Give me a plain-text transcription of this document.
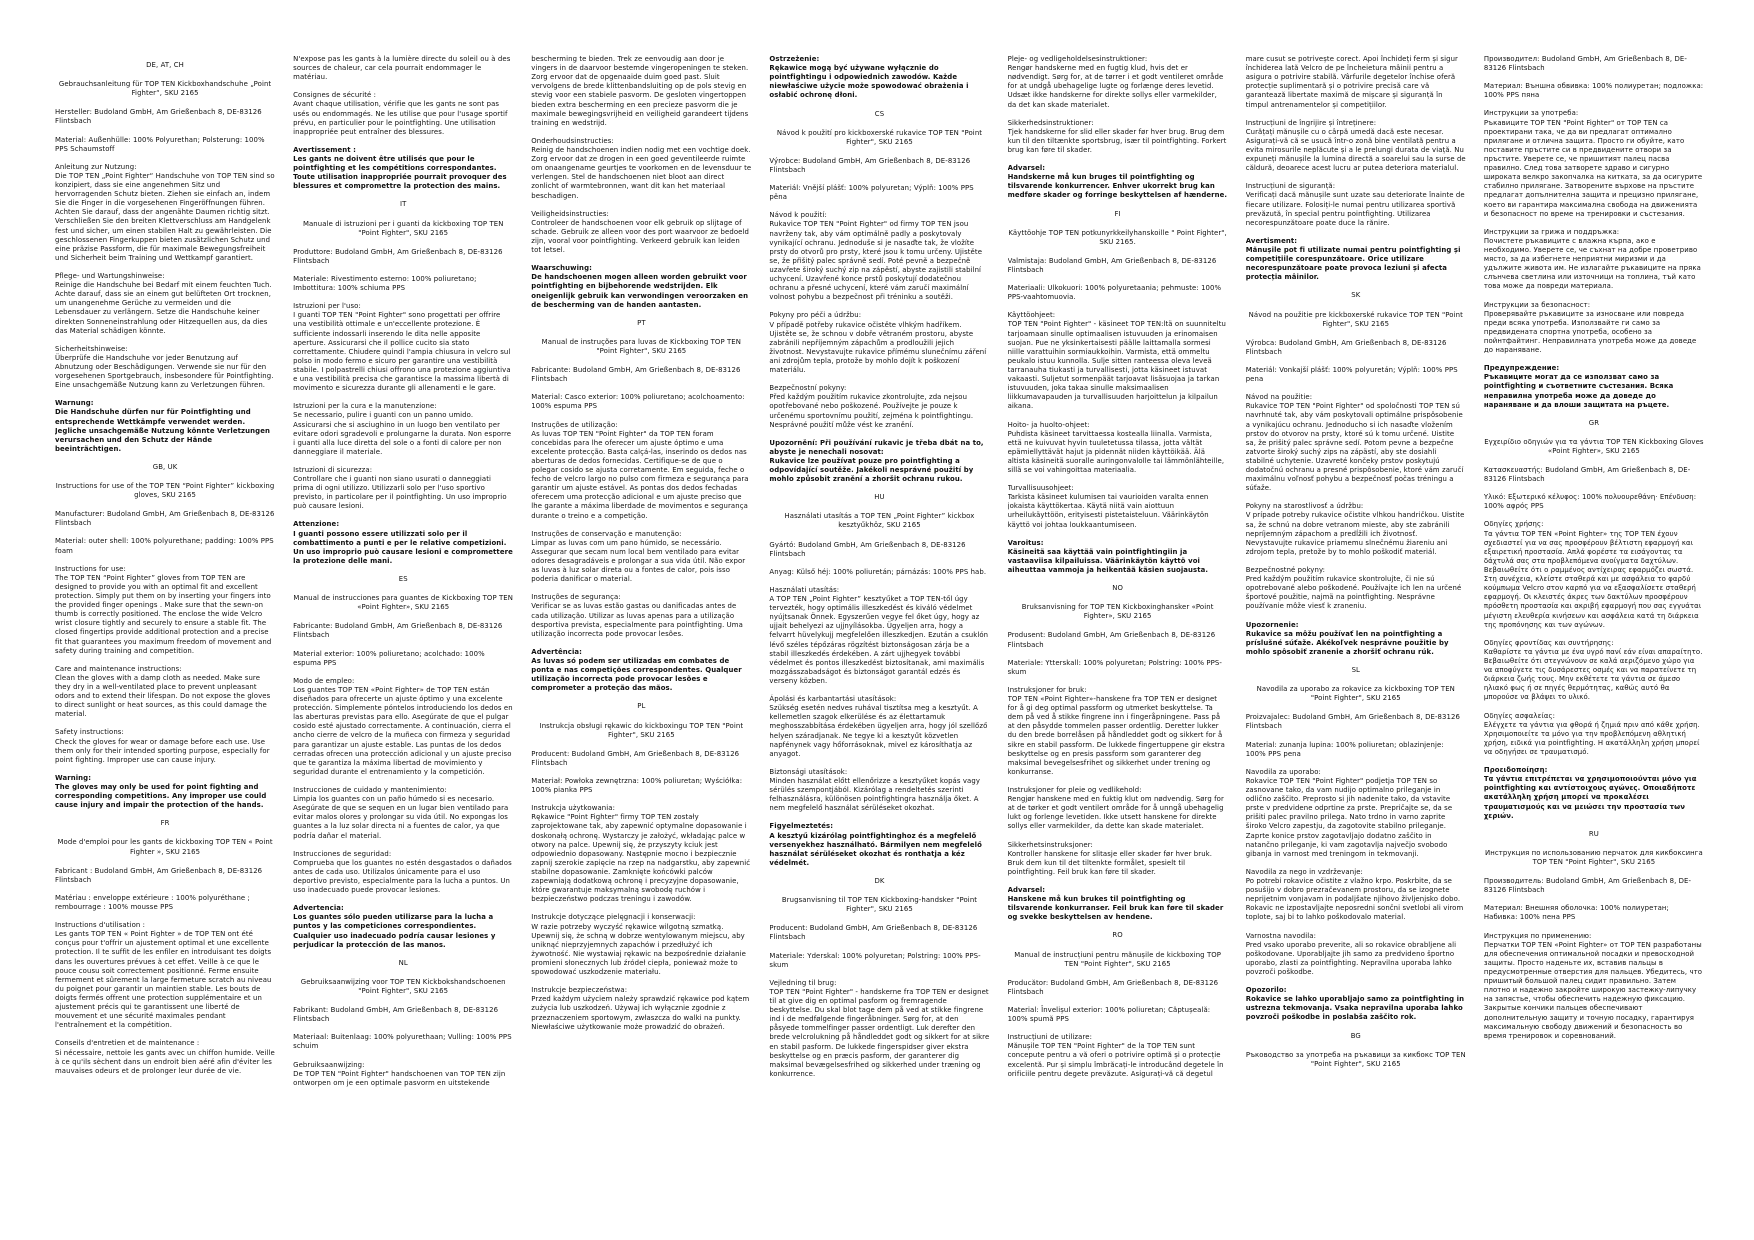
DE, AT, CH
Gebrauchsanleitung für TOP TEN Kickboxhandschuhe „Point Fighter“, SKU 2165
Hersteller: Budoland GmbH, Am Grießenbach 8, DE-83126 Flintsbach
Material: Außenhülle: 100% Polyurethan; Polsterung: 100% PPS Schaumstoff
Anleitung zur Nutzung:
Die TOP TEN „Point Fighter“ Handschuhe von TOP TEN sind so konzipiert, dass sie eine angenehmen Sitz und hervorragenden Schutz bieten. Ziehen sie einfach an, indem Sie die Finger in die vorgesehenen Fingeröffnungen führen. Achten Sie darauf, dass der angenähte Daumen richtig sitzt. Verschließen Sie den breiten Klettverschluss am Handgelenk fest und sicher, um einen stabilen Halt zu gewährleisten. Die geschlossenen Fingerkuppen bieten zusätzlichen Schutz und eine präzise Passform, die für maximale Bewegungsfreiheit und Sicherheit beim Training und Wettkampf garantiert.
Pflege- und Wartungshinweise:
Reinige die Handschuhe bei Bedarf mit einem feuchten Tuch. Achte darauf, dass sie an einem gut belüfteten Ort trocknen, um unangenehme Gerüche zu vermeiden und die Lebensdauer zu verlängern. Setze die Handschuhe keiner direkten Sonneneinstrahlung oder Hitzequellen aus, da dies das Material schädigen könnte.
Sicherheitshinweise:
Überprüfe die Handschuhe vor jeder Benutzung auf Abnutzung oder Beschädigungen. Verwende sie nur für den vorgesehenen Sportgebrauch, insbesondere für Pointfighting. Eine unsachgemäße Nutzung kann zu Verletzungen führen.
Warnung:
Die Handschuhe dürfen nur für Pointfighting und entsprechende Wettkämpfe verwendet werden. Jegliche unsachgemäße Nutzung könnte Verletzungen verursachen und den Schutz der Hände beeinträchtigen.
GB, UK
Instructions for use of the TOP TEN “Point Fighter” kickboxing gloves, SKU 2165
Manufacturer: Budoland GmbH, Am Grießenbach 8, DE-83126 Flintsbach
Material: outer shell: 100% polyurethane; padding: 100% PPS foam
Instructions for use:
The TOP TEN “Point Fighter” gloves from TOP TEN are designed to provide you with an optimal fit and excellent protection. Simply put them on by inserting your fingers into the provided finger openings . Make sure that the sewn-on thumb is correctly positioned. The enclose the wide Velcro wrist closure tightly and securely to ensure a stable fit. The closed fingertips provide additional protection and a precise fit that guarantees you maximum freedom of movement and safety during training and competition.
Care and maintenance instructions:
Clean the gloves with a damp cloth as needed. Make sure they dry in a well-ventilated place to prevent unpleasant odors and to extend their lifespan. Do not expose the gloves to direct sunlight or heat sources, as this could damage the material.
Safety instructions:
Check the gloves for wear or damage before each use. Use them only for their intended sporting purpose, especially for point fighting. Improper use can cause injury.
Warning:
The gloves may only be used for point fighting and corresponding competitions. Any improper use could cause injury and impair the protection of the hands.
FR
Mode d'emploi pour les gants de kickboxing TOP TEN « Point Fighter », SKU 2165
Fabricant : Budoland GmbH, Am Grießenbach 8, DE-83126 Flintsbach
Matériau : enveloppe extérieure : 100% polyuréthane ; rembourrage : 100% mousse PPS
Instructions d'utilisation :
Les gants TOP TEN « Point Fighter » de TOP TEN ont été conçus pour t'offrir un ajustement optimal et une excellente protection. Il te suffit de les enfiler en introduisant tes doigts dans les ouvertures prévues à cet effet. Veille à ce que le pouce cousu soit correctement positionné. Ferme ensuite fermement et sûrement la large fermeture scratch au niveau du poignet pour garantir un maintien stable. Les bouts de doigts fermés offrent une protection supplémentaire et un ajustement précis qui te garantissent une liberté de mouvement et une sécurité maximales pendant l'entraînement et la compétition.
Conseils d'entretien et de maintenance :
Si nécessaire, nettoie les gants avec un chiffon humide. Veille à ce qu'ils sèchent dans un endroit bien aéré afin d'éviter les mauvaises odeurs et de prolonger leur durée de vie.
N'expose pas les gants à la lumière directe du soleil ou à des sources de chaleur, car cela pourrait endommager le matériau.
Consignes de sécurité :
Avant chaque utilisation, vérifie que les gants ne sont pas usés ou endommagés. Ne les utilise que pour l'usage sportif prévu, en particulier pour le pointfighting. Une utilisation inappropriée peut entraîner des blessures.
Avertissement :
Les gants ne doivent être utilisés que pour le pointfighting et les compétitions correspondantes. Toute utilisation inappropriée pourrait provoquer des blessures et compromettre la protection des mains.
IT
Manuale di istruzioni per i guanti da kickboxing TOP TEN "Point Fighter", SKU 2165
Produttore: Budoland GmbH, Am Grießenbach 8, DE-83126 Flintsbach
Materiale: Rivestimento esterno: 100% poliuretano; Imbottitura: 100% schiuma PPS
Istruzioni per l'uso:
I guanti TOP TEN "Point Fighter" sono progettati per offrire una vestibilità ottimale e un'eccellente protezione. È sufficiente indossarli inserendo le dita nelle apposite aperture. Assicurarsi che il pollice cucito sia stato correttamente. Chiudere quindi l'ampia chiusura in velcro sul polso in modo fermo e sicuro per garantire una vestibilità stabile. I polpastrelli chiusi offrono una protezione aggiuntiva e una vestibilità precisa che garantisce la massima libertà di movimento e sicurezza durante gli allenamenti e le gare.
Istruzioni per la cura e la manutenzione:
Se necessario, pulire i guanti con un panno umido. Assicurarsi che si asciughino in un luogo ben ventilato per evitare odori sgradevoli e prolungarne la durata. Non esporre i guanti alla luce diretta del sole o a fonti di calore per non danneggiare il materiale.
Istruzioni di sicurezza:
Controllare che i guanti non siano usurati o danneggiati prima di ogni utilizzo. Utilizzarli solo per l'uso sportivo previsto, in particolare per il pointfighting. Un uso improprio può causare lesioni.
Attenzione:
I guanti possono essere utilizzati solo per il combattimento a punti e per le relative competizioni. Un uso improprio può causare lesioni e compromettere la protezione delle mani.
ES
Manual de instrucciones para guantes de Kickboxing TOP TEN «Point Fighter», SKU 2165
Fabricante: Budoland GmbH, Am Grießenbach 8, DE-83126 Flintsbach
Material exterior: 100% poliuretano; acolchado: 100% espuma PPS
Modo de empleo:
Los guantes TOP TEN «Point Fighter» de TOP TEN están diseñados para ofrecerte un ajuste óptimo y una excelente protección. Simplemente póntelos introduciendo los dedos en las aberturas previstas para ello. Asegúrate de que el pulgar cosido esté ajustado correctamente. A continuación, cierra el ancho cierre de velcro de la muñeca con firmeza y seguridad para garantizar un ajuste estable. Las puntas de los dedos cerradas ofrecen una protección adicional y un ajuste preciso que te garantiza la máxima libertad de movimiento y seguridad durante el entrenamiento y la competición.
Instrucciones de cuidado y mantenimiento:
Limpia los guantes con un paño húmedo si es necesario. Asegúrate de que se sequen en un lugar bien ventilado para evitar malos olores y prolongar su vida útil. No expongas los guantes a la luz solar directa ni a fuentes de calor, ya que podría dañar el material.
Instrucciones de seguridad:
Comprueba que los guantes no estén desgastados o dañados antes de cada uso. Utilízalos únicamente para el uso deportivo previsto, especialmente para la lucha a puntos. Un uso inadecuado puede provocar lesiones.
Advertencia:
Los guantes sólo pueden utilizarse para la lucha a puntos y las competiciones correspondientes. Cualquier uso inadecuado podría causar lesiones y perjudicar la protección de las manos.
NL
Gebruiksaanwijzing voor TOP TEN Kickbokshandschoenen "Point Fighter", SKU 2165
Fabrikant: Budoland GmbH, Am Grießenbach 8, DE-83126 Flintsbach
Materiaal: Buitenlaag: 100% polyurethaan; Vulling: 100% PPS schuim
Gebruiksaanwijzing:
De TOP TEN "Point Fighter" handschoenen van TOP TEN zijn ontworpen om je een optimale pasvorm en uitstekende
bescherming te bieden. Trek ze eenvoudig aan door je vingers in de daarvoor bestemde vingeropeningen te steken. Zorg ervoor dat de opgenaaide duim goed past. Sluit vervolgens de brede klittenbandsluiting op de pols stevig en stevig voor een stabiele pasvorm. De gesloten vingertoppen bieden extra bescherming en een precieze pasvorm die je maximale bewegingsvrijheid en veiligheid garandeert tijdens training en wedstrijd.
Onderhoudsinstructies:
Reinig de handschoenen indien nodig met een vochtige doek. Zorg ervoor dat ze drogen in een goed geventileerde ruimte om onaangename geurtjes te voorkomen en de levensduur te verlengen. Stel de handschoenen niet bloot aan direct zonlicht of warmtebronnen, want dit kan het materiaal beschadigen.
Veiligheidsinstructies:
Controleer de handschoenen voor elk gebruik op slijtage of schade. Gebruik ze alleen voor des port waarvoor ze bedoeld zijn, vooral voor pointfighting. Verkeerd gebruik kan leiden tot letsel.
Waarschuwing:
De handschoenen mogen alleen worden gebruikt voor pointfighting en bijbehorende wedstrijden. Elk oneigenlijk gebruik kan verwondingen veroorzaken en de bescherming van de handen aantasten.
PT
Manual de instruções para luvas de Kickboxing TOP TEN "Point Fighter", SKU 2165
Fabricante: Budoland GmbH, Am Grießenbach 8, DE-83126 Flintsbach
Material: Casco exterior: 100% poliuretano; acolchoamento: 100% espuma PPS
Instruções de utilização:
As luvas TOP TEN "Point Fighter" da TOP TEN foram concebidas para lhe oferecer um ajuste óptimo e uma excelente protecção. Basta calçá-las, inserindo os dedos nas aberturas de dedos fornecidas. Certifique-se de que o polegar cosido se ajusta corretamente. Em seguida, feche o fecho de velcro largo no pulso com firmeza e segurança para garantir um ajuste estável. As pontas dos dedos fechadas oferecem uma protecção adicional e um ajuste preciso que lhe garante a máxima liberdade de movimentos e segurança durante o treino e a competição.
Instruções de conservação e manutenção:
Limpar as luvas com um pano húmido, se necessário. Assegurar que secam num local bem ventilado para evitar odores desagradáveis e prolongar a sua vida útil. Não expor as luvas à luz solar direta ou a fontes de calor, pois isso poderia danificar o material.
Instruções de segurança:
Verificar se as luvas estão gastas ou danificadas antes de cada utilização. Utilizar as luvas apenas para a utilização desportiva prevista, especialmente para pointfighting. Uma utilização incorrecta pode provocar lesões.
Advertência:
As luvas só podem ser utilizadas em combates de ponta e nas competições correspondentes. Qualquer utilização incorrecta pode provocar lesões e comprometer a proteção das mãos.
PL
Instrukcja obsługi rękawic do kickboxingu TOP TEN "Point Fighter", SKU 2165
Producent: Budoland GmbH, Am Grießenbach 8, DE-83126 Flintsbach
Materiał: Powłoka zewnętrzna: 100% poliuretan; Wyściółka: 100% pianka PPS
Instrukcja użytkowania:
Rękawice "Point Fighter" firmy TOP TEN zostały zaprojektowane tak, aby zapewnić optymalne dopasowanie i doskonałą ochronę. Wystarczy je założyć, wkładając palce w otwory na palce. Upewnij się, że przyszyty kciuk jest odpowiednio dopasowany. Następnie mocno i bezpiecznie zapnij szerokie zapięcie na rzep na nadgarstku, aby zapewnić stabilne dopasowanie. Zamknięte końcówki palców zapewniają dodatkową ochronę i precyzyjne dopasowanie, które gwarantuje maksymalną swobodę ruchów i bezpieczeństwo podczas treningu i zawodów.
Instrukcje dotyczące pielęgnacji i konserwacji:
W razie potrzeby wyczyść rękawice wilgotną szmatką. Upewnij się, że schną w dobrze wentylowanym miejscu, aby uniknąć nieprzyjemnych zapachów i przedłużyć ich żywotność. Nie wystawiaj rękawic na bezpośrednie działanie promieni słonecznych lub źródeł ciepła, ponieważ może to spowodować uszkodzenie materiału.
Instrukcje bezpieczeństwa:
Przed każdym użyciem należy sprawdzić rękawice pod kątem zużycia lub uszkodzeń. Używaj ich wyłącznie zgodnie z przeznaczeniem sportowym, zwłaszcza do walki na punkty. Niewłaściwe użytkowanie może prowadzić do obrażeń.
Ostrzeżenie:
Rękawice mogą być używane wyłącznie do pointfightingu i odpowiednich zawodów. Każde niewłaściwe użycie może spowodować obrażenia i osłabić ochronę dłoni.
CS
Návod k použití pro kickboxerské rukavice TOP TEN "Point Fighter", SKU 2165
Výrobce: Budoland GmbH, Am Grießenbach 8, DE-83126 Flintsbach
Materiál: Vnější plášť: 100% polyuretan; Výplň: 100% PPS pěna
Návod k použití:
Rukavice TOP TEN "Point Fighter" od firmy TOP TEN jsou navrženy tak, aby vám optimálně padly a poskytovaly vynikající ochranu. Jednoduše si je nasaďte tak, že vložíte prsty do otvorů pro prsty, které jsou k tomu určeny. Ujistěte se, že přišitý palec správně sedí. Poté pevně a bezpečně uzavřete široký suchý zip na zápěstí, abyste zajistili stabilní uchycení. Uzavřené konce prstů poskytují dodatečnou ochranu a přesné uchycení, které vám zaručí maximální volnost pohybu a bezpečnost při tréninku a soutěži.
Pokyny pro péči a údržbu:
V případě potřeby rukavice očistěte vlhkým hadříkem. Ujistěte se, že schnou v dobře větraném prostoru, abyste zabránili nepříjemným zápachům a prodloužili jejich životnost. Nevystavujte rukavice přímému slunečnímu záření ani zdrojům tepla, protože by mohlo dojít k poškození materiálu.
Bezpečnostní pokyny:
Před každým použitím rukavice zkontrolujte, zda nejsou opotřebované nebo poškozené. Používejte je pouze k určenému sportovnímu použití, zejména k pointfightingu. Nesprávné použití může vést ke zranění.
Upozornění: Při používání rukavic je třeba dbát na to, abyste je nenechali nosovat:
Rukavice lze používat pouze pro pointfighting a odpovídající soutěže. Jakékoli nesprávné použití by mohlo způsobit zranění a zhoršit ochranu rukou.
HU
Használati utasítás a TOP TEN „Point Fighter” kickbox kesztyűkhöz, SKU 2165
Gyártó: Budoland GmbH, Am Grießenbach 8, DE-83126 Flintsbach
Anyag: Külső héj: 100% poliuretán; párnázás: 100% PPS hab.
Használati utasítás:
A TOP TEN „Point Fighter” kesztyűket a TOP TEN-től úgy tervezték, hogy optimális illeszkedést és kiváló védelmet nyújtsanak Önnek. Egyszerűen vegye fel őket úgy, hogy az ujjait behelyezi az ujjnyílásokba. Ügyeljen arra, hogy a felvarrt hüvelykujj megfelelően illeszkedjen. Ezután a csuklón lévő széles tépőzáras rögzítést biztonságosan zárja be a stabil illeszkedés érdekében. A zárt ujjhegyek további védelmet és pontos illeszkedést biztosítanak, ami maximális mozgásszabadságot és biztonságot garantál edzés és verseny közben.
Ápolási és karbantartási utasítások:
Szükség esetén nedves ruhával tisztítsa meg a kesztyűt. A kellemetlen szagok elkerülése és az élettartamuk meghosszabbítása érdekében ügyeljen arra, hogy jól szellőző helyen száradjanak. Ne tegye ki a kesztyűt közvetlen napfénynek vagy hőforrásoknak, mivel ez károsíthatja az anyagot.
Biztonsági utasítások:
Minden használat előtt ellenőrizze a kesztyűket kopás vagy sérülés szempontjából. Kizárólag a rendeltetés szerinti felhasználásra, különösen pointfightingra használja őket. A nem megfelelő használat sérüléseket okozhat.
Figyelmeztetés:
A kesztyű kizárólag pointfightinghoz és a megfelelő versenyekhez használható. Bármilyen nem megfelelő használat sérüléseket okozhat és ronthatja a kéz védelmét.
DK
Brugsanvisning til TOP TEN Kickboxing-handsker "Point Fighter", SKU 2165
Producent: Budoland GmbH, Am Grießenbach 8, DE-83126 Flintsbach
Materiale: Yderskal: 100% polyuretan; Polstring: 100% PPS-skum
Vejledning til brug:
TOP TEN "Point Fighter" - handskerne fra TOP TEN er designet til at give dig en optimal pasform og fremragende beskyttelse. Du skal blot tage dem på ved at stikke fingrene ind i de medfølgende fingeråbninger. Sørg for, at den påsyede tommelfinger passer ordentligt. Luk derefter den brede velcrolukning på håndleddet godt og sikkert for at sikre en stabil pasform. De lukkede fingerspidser giver ekstra beskyttelse og en præcis pasform, der garanterer dig maksimal bevægelsesfrihed og sikkerhed under træning og konkurrence.
Pleje- og vedligeholdelsesinstruktioner:
Rengør handskerne med en fugtig klud, hvis det er nødvendigt. Sørg for, at de tørrer i et godt ventileret område for at undgå ubehagelige lugte og forlænge deres levetid. Udsæt ikke handskerne for direkte sollys eller varmekilder, da det kan skade materialet.
Sikkerhedsinstruktioner:
Tjek handskerne for slid eller skader før hver brug. Brug dem kun til den tiltænkte sportsbrug, især til pointfighting. Forkert brug kan føre til skader.
Advarsel:
Handskerne må kun bruges til pointfighting og tilsvarende konkurrencer. Enhver ukorrekt brug kan medføre skader og forringe beskyttelsen af hænderne.
FI
Käyttöohje TOP TEN potkunyrkkeilyhanskoille " Point Fighter", SKU 2165.
Valmistaja: Budoland GmbH, Am Grießenbach 8, DE-83126 Flintsbach
Materiaali: Ulkokuori: 100% polyuretaania; pehmuste: 100% PPS-vaahtomuovia.
Käyttöohjeet:
TOP TEN "Point Fighter" - käsineet TOP TEN:ltä on suunniteltu tarjoamaan sinulle optimaalisen istuvuuden ja erinomaisen suojan. Pue ne yksinkertaisesti päälle laittamalla sormesi niille varattuihin sormiaukkoihin. Varmista, että ommeltu peukalo istuu kunnolla. Sulje sitten ranteessa oleva leveä tarranauha tiukasti ja turvallisesti, jotta käsineet istuvat vakaasti. Suljetut sormenpäät tarjoavat lisäsuojaa ja tarkan istuvuuden, joka takaa sinulle maksimaalisen liikkumavapauden ja turvallisuuden harjoittelun ja kilpailun aikana.
Hoito- ja huolto-ohjeet:
Puhdista käsineet tarvittaessa kostealla liinalla. Varmista, että ne kuivuvat hyvin tuuletetussa tilassa, jotta vältät epämiellyttävät hajut ja pidennät niiden käyttöikää. Älä altista käsineitä suoralle auringonvalolle tai lämmönlähteille, sillä se voi vahingoittaa materiaalia.
Turvallisuusohjeet:
Tarkista käsineet kulumisen tai vaurioiden varalta ennen jokaista käyttökertaa. Käytä niitä vain aiottuun urheilukäyttöön, erityisesti pistetaisteluun. Väärinkäytön käyttö voi johtaa loukkaantumiseen.
Varoitus:
Käsineitä saa käyttää vain pointfightingiin ja vastaaviisa kilpailuissa. Väärinkäytön käyttö voi aiheuttaa vammoja ja heikentää käsien suojausta.
NO
Bruksanvisning for TOP TEN Kickboxinghansker «Point Fighter», SKU 2165
Produsent: Budoland GmbH, Am Grießenbach 8, DE-83126 Flintsbach
Materiale: Ytterskall: 100% polyuretan; Polstring: 100% PPS-skum
Instruksjoner for bruk:
TOP TEN «Point Fighter»-hanskene fra TOP TEN er designet for å gi deg optimal passform og utmerket beskyttelse. Ta dem på ved å stikke fingrene inn i fingeråpningene. Pass på at den påsydde tommelen passer ordentlig. Deretter lukker du den brede borrelåsen på håndleddet godt og sikkert for å sikre en stabil passform. De lukkede fingertuppene gir ekstra beskyttelse og en presis passform som garanterer deg maksimal bevegelsesfrihet og sikkerhet under trening og konkurranse.
Instruksjoner for pleie og vedlikehold:
Rengjør hanskene med en fuktig klut om nødvendig. Sørg for at de tørker et godt ventilert område for å unngå ubehagelig lukt og forlenge levetiden. Ikke utsett hanskene for direkte sollys eller varmekilder, da dette kan skade materialet.
Sikkerhetsinstruksjoner:
Kontroller hanskene for slitasje eller skader før hver bruk. Bruk dem kun til det tiltenkte formålet, spesielt til pointfighting. Feil bruk kan føre til skader.
Advarsel:
Hanskene må kun brukes til pointfighting og tilsvarende konkurranser. Feil bruk kan føre til skader og svekke beskyttelsen av hendene.
RO
Manual de instrucțiuni pentru mănușile de kickboxing TOP TEN "Point Fighter", SKU 2165
Producător: Budoland GmbH, Am Grießenbach 8, DE-83126 Flintsbach
Material: Învelișul exterior: 100% poliuretan; Căptușeală: 100% spumă PPS
Instrucțiuni de utilizare:
Mănușile TOP TEN "Point Fighter" de la TOP TEN sunt concepute pentru a vă oferi o potrivire optimă și o protecție excelentă. Pur și simplu îmbrăcați-le introducând degetele în orificiile pentru degete prevăzute. Asigurați-vă că degetul
mare cusut se potrivește corect. Apoi închideți ferm și sigur închiderea lată Velcro de pe încheietura mâinii pentru a asigura o potrivire stabilă. Vârfurile degetelor închise oferă protecție suplimentară și o potrivire precisă care vă garantează libertate maximă de mișcare și siguranță în timpul antrenamentelor și competițiilor.
Instrucțiuni de îngrijire și întreținere:
Curățați mănușile cu o cârpă umedă dacă este necesar. Asigurați-vă că se usucă într-o zonă bine ventilată pentru a evita mirosurile neplăcute și a le prelungi durata de viață. Nu expuneți mănușile la lumina directă a soarelui sau la surse de căldură, deoarece acest lucru ar putea deteriora materialul.
Instrucțiuni de siguranță:
Verificați dacă mănușile sunt uzate sau deteriorate înainte de fiecare utilizare. Folosiți-le numai pentru utilizarea sportivă prevăzută, în special pentru pointfighting. Utilizarea necorespunzătoare poate duce la rănire.
Avertisment:
Mănușile pot fi utilizate numai pentru pointfighting și competițiile corespunzătoare. Orice utilizare necorespunzătoare poate provoca leziuni și afecta protecția mâinilor.
SK
Návod na použitie pre kickboxerské rukavice TOP TEN "Point Fighter", SKU 2165
Výrobca: Budoland GmbH, Am Grießenbach 8, DE-83126 Flintsbach
Materiál: Vonkajší plášť: 100% polyuretán; Výplň: 100% PPS pena
Návod na použitie:
Rukavice TOP TEN "Point Fighter" od spoločnosti TOP TEN sú navrhnuté tak, aby vám poskytovali optimálne prispôsobenie a vynikajúcu ochranu. Jednoducho si ich nasaďte vložením prstov do otvorov na prsty, ktoré sú k tomu určené. Uistite sa, že prišitý palec správne sedí. Potom pevne a bezpečne zatvorte široký suchý zips na zápästí, aby ste dosiahli stabilné uchytenie. Uzavreté končeky prstov poskytujú dodatočnú ochranu a presné prispôsobenie, ktoré vám zaručí maximálnu voľnosť pohybu a bezpečnosť počas tréningu a súťaže.
Pokyny na starostlivosť a údržbu:
V prípade potreby rukavice očistite vlhkou handričkou. Uistite sa, že schnú na dobre vetranom mieste, aby ste zabránili nepríjemným zápachom a predĺžili ich životnosť. Nevystavujte rukavice priamemu slnečnému žiareniu ani zdrojom tepla, pretože by to mohlo poškodiť materiál.
Bezpečnostné pokyny:
Pred každým použitím rukavice skontrolujte, či nie sú opotrebované alebo poškodené. Používajte ich len na určené športové použitie, najmä na pointfighting. Nesprávne používanie môže viesť k zraneniu.
Upozornenie:
Rukavice sa môžu používať len na pointfighting a príslušné súťaže. Akékoľvek nesprávne použitie by mohlo spôsobiť zranenie a zhoršiť ochranu rúk.
SL
Navodila za uporabo za rokavice za kickboxing TOP TEN "Point Fighter", SKU 2165
Proizvajalec: Budoland GmbH, Am Grießenbach 8, DE-83126 Flintsbach
Material: zunanja lupina: 100% poliuretan; oblazinjenje: 100% PPS pena
Navodila za uporabo:
Rokavice TOP TEN "Point Fighter" podjetja TOP TEN so zasnovane tako, da vam nudijo optimalno prileganje in odlično zaščito. Preprosto si jih nadenite tako, da vstavite prste v predvidene odprtine za prste. Prepričajte se, da se prišiti palec pravilno prilega. Nato trdno in varno zaprite široko Velcro zapestju, da zagotovite stabilno prileganje. Zaprte konice prstov zagotavljajo dodatno zaščito in natančno prileganje, ki vam zagotavlja največjo svobodo gibanja in varnost med treningom in tekmovanji.
Navodila za nego in vzdrževanje:
Po potrebi rokavice očistite z vlažno krpo. Poskrbite, da se posušijo v dobro prezračevanem prostoru, da se izognete neprijetnim vonjavam in podaljšate njihovo življenjsko dobo. Rokavic ne izpostavljajte neposredni sončni svetlobi ali virom toplote, saj bi to lahko poškodovalo material.
Varnostna navodila:
Pred vsako uporabo preverite, ali so rokavice obrabljene ali poškodovane. Uporabljajte jih samo za predvideno športno uporabo, zlasti za pointfighting. Nepravilna uporaba lahko povzroči poškodbe.
Opozorilo:
Rokavice se lahko uporabljajo samo za pointfighting in ustrezna tekmovanja. Vsaka nepravilna uporaba lahko povzroči poškodbe in poslabša zaščito rok.
BG
Ръководство за употреба на ръкавици за кикбокс TOP TEN "Point Fighter", SKU 2165
Производител: Budoland GmbH, Am Grießenbach 8, DE-83126 Flintsbach
Материал: Външна обвивка: 100% полиуретан; подложка: 100% PPS пяна
Инструкции за употреба:
Ръкавиците TOP TEN "Point Fighter" от TOP TEN са проектирани така, че да ви предлагат оптимално прилягане и отлична защита. Просто ги обуйте, като поставите пръстите си в предвидените отвори за пръстите. Уверете се, че пришитият палец пасва правилно. След това затворете здраво и сигурно широката велкро закопчалка на китката, за да осигурите стабилно прилягане. Затворените върхове на пръстите предлагат допълнителна защита и прецизно прилягане, което ви гарантира максимална свобода на движенията и безопасност по време на тренировки и състезания.
Инструкции за грижа и поддръжка:
Почистете ръкавиците с влажна кърпа, ако е необходимо. Уверете се, че съхнат на добре проветриво място, за да избегнете неприятни миризми и да удължите живота им. Не излагайте ръкавиците на пряка слънчева светлина или източници на топлина, тъй като това може да повреди материала.
Инструкции за безопасност:
Проверявайте ръкавиците за износване или повреда преди всяка употреба. Използвайте ги само за предвидената спортна употреба, особено за пойнтфайтинг. Неправилната употреба може да доведе до нараняване.
Предупреждение:
Ръкавиците могат да се използват само за pointfighting и съответните състезания. Всяка неправилна употреба може да доведе до нараняване и да влоши защитата на ръцете.
GR
Εγχειρίδιο οδηγιών για τα γάντια TOP TEN Kickboxing Gloves «Point Fighter», SKU 2165
Κατασκευαστής: Budoland GmbH, Am Grießenbach 8, DE-83126 Flintsbach
Υλικό: Εξωτερικό κέλυφος: 100% πολυουρεθάνη· Επένδυση: 100% αφρός PPS
Οδηγίες χρήσης:
Τα γάντια TOP TEN «Point Fighter» της TOP TEN έχουν σχεδιαστεί για να σας προσφέρουν βέλτιστη εφαρμογή και εξαιρετική προστασία. Απλά φορέστε τα εισάγοντας τα δάχτυλά σας στα προβλεπόμενα ανοίγματα δαχτύλων. Βεβαιωθείτε ότι ο ραμμένος αντίχειρας εφαρμόζει σωστά. Στη συνέχεια, κλείστε σταθερά και με ασφάλεια το φαρδύ κούμπωμα Velcro στον καρπό για να εξασφαλίσετε σταθερή εφαρμογή. Οι κλειστές άκρες των δακτύλων προσφέρουν πρόσθετη προστασία και ακριβή εφαρμογή που σας εγγυάται μέγιστη ελευθερία κινήσεων και ασφάλεια κατά τη διάρκεια της προπόνησης και των αγώνων.
Οδηγίες φροντίδας και συντήρησης:
Καθαρίστε τα γάντια με ένα υγρό πανί εάν είναι απαραίτητο. Βεβαιωθείτε ότι στεγνώνουν σε καλά αεριζόμενο χώρο για να αποφύγετε τις δυσάρεστες οσμές και να παρατείνετε τη διάρκεια ζωής τους. Μην εκθέτετε τα γάντια σε άμεσο ηλιακό φως ή σε πηγές θερμότητας, καθώς αυτό θα μπορούσε να βλάψει το υλικό.
Οδηγίες ασφαλείας:
Ελέγχετε τα γάντια για φθορά ή ζημιά πριν από κάθε χρήση. Χρησιμοποιείτε τα μόνο για την προβλεπόμενη αθλητική χρήση, ειδικά για pointfighting. Η ακατάλληλη χρήση μπορεί να οδηγήσει σε τραυματισμό.
Προειδοποίηση:
Τα γάντια επιτρέπεται να χρησιμοποιούνται μόνο για pointfighting και αντίστοιχους αγώνες. Οποιαδήποτε ακατάλληλη χρήση μπορεί να προκαλέσει τραυματισμούς και να μειώσει την προστασία των χεριών.
RU
Инструкция по использованию перчаток для кикбоксинга TOP TEN "Point Fighter", SKU 2165
Производитель: Budoland GmbH, Am Grießenbach 8, DE-83126 Flintsbach
Материал: Внешняя оболочка: 100% полиуретан; Набивка: 100% пена PPS
Инструкция по применению:
Перчатки TOP TEN «Point Fighter» от TOP TEN разработаны для обеспечения оптимальной посадки и превосходной защиты. Просто наденьте их, вставив пальцы в предусмотренные отверстия для пальцев. Убедитесь, что пришитый большой палец сидит правильно. Затем плотно и надежно закройте широкую застежку-липучку на запястье, чтобы обеспечить надежную фиксацию. Закрытые кончики пальцев обеспечивают дополнительную защиту и точную посадку, гарантируя максимальную свободу движений и безопасность во время тренировок и соревнований.
